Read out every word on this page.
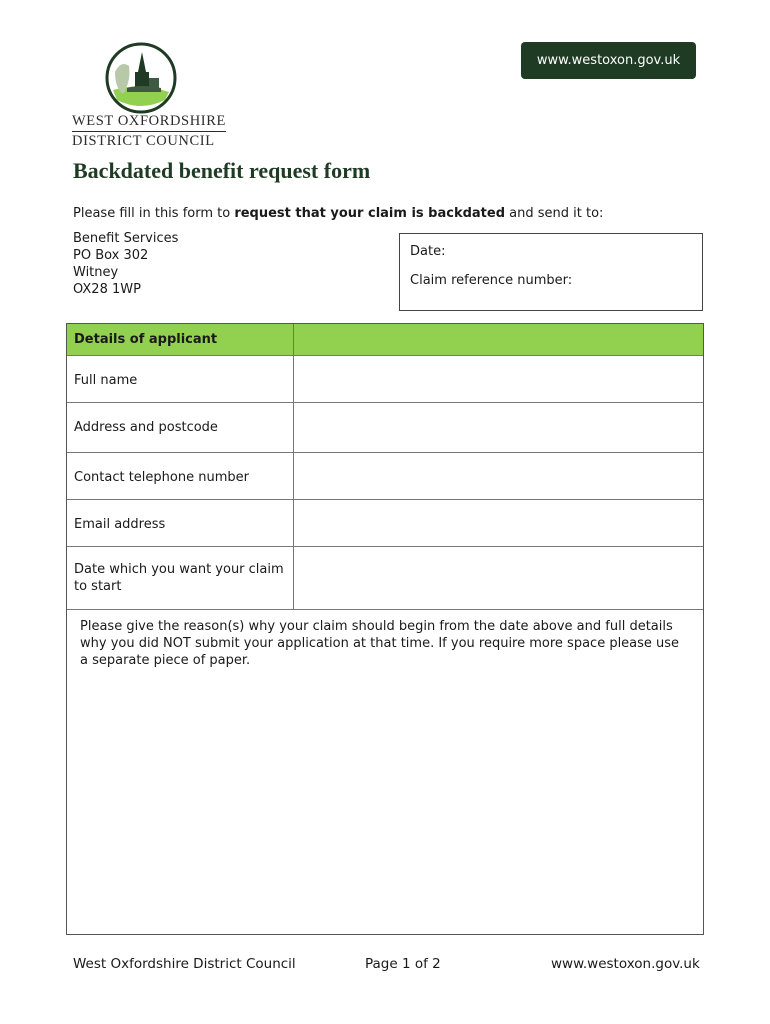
WEST OXFORDSHIRE
DISTRICT COUNCIL
www.westoxon.gov.uk
Backdated benefit request form

Please fill in this form to request that your claim is backdated and send it to:

Benefit Services
PO Box 302
Witney
OX28 1WP
Date:
Claim reference number:
Details of applicant
Full name
Address and postcode
Contact telephone number
Email address
Date which you want your claim to start
Please give the reason(s) why your claim should begin from the date above and full details why you did NOT submit your application at that time. If you require more space please use a separate piece of paper.
West Oxfordshire District Council	Page 1 of 2	www.westoxon.gov.uk
